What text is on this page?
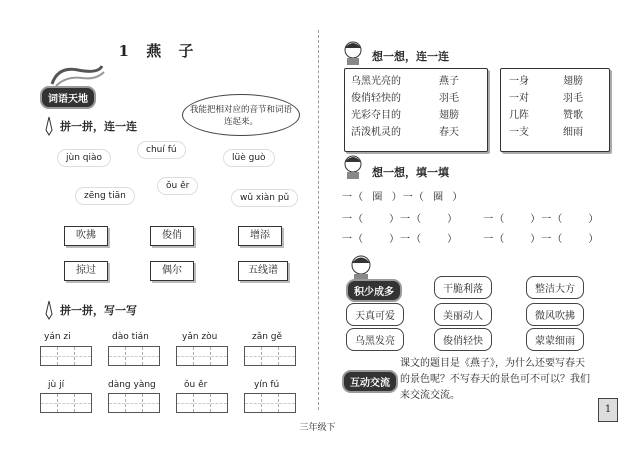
1 燕 子
词语天地
我能把相对应的音节和词语连起来。
拼一拼，连一连
jùn qiào
chuí fú
lüè guò
zēng tiān
ǒu ěr
wǔ xiàn pǔ
吹拂	俊俏	增添
掠过	偶尔	五线谱
拼一拼，写一写
yán zi	dào tián	yǎn zòu	zǎn gě
jù jí	dàng yàng	ǒu ěr	yín fú
想一想，连一连
乌黑光亮的	燕子
俊俏轻快的	羽毛
光彩夺目的	翅膀
活泼机灵的	春天
一身	翅膀
一对	羽毛
几阵	赞歌
一支	细雨
想一想，填一填
一（  圈  ）一（  圈  ）
一（      ）一（      ）      一（      ）一（      ）
一（      ）一（      ）      一（      ）一（      ）
积少成多	干脆利落	整洁大方
天真可爱	美丽动人	微风吹拂
乌黑发亮	俊俏轻快	蒙蒙细雨
互动交流
课文的题目是《燕子》，为什么还要写春天的景色呢？不写春天的景色可不可以？我们来交流交流。
1
三年级下
